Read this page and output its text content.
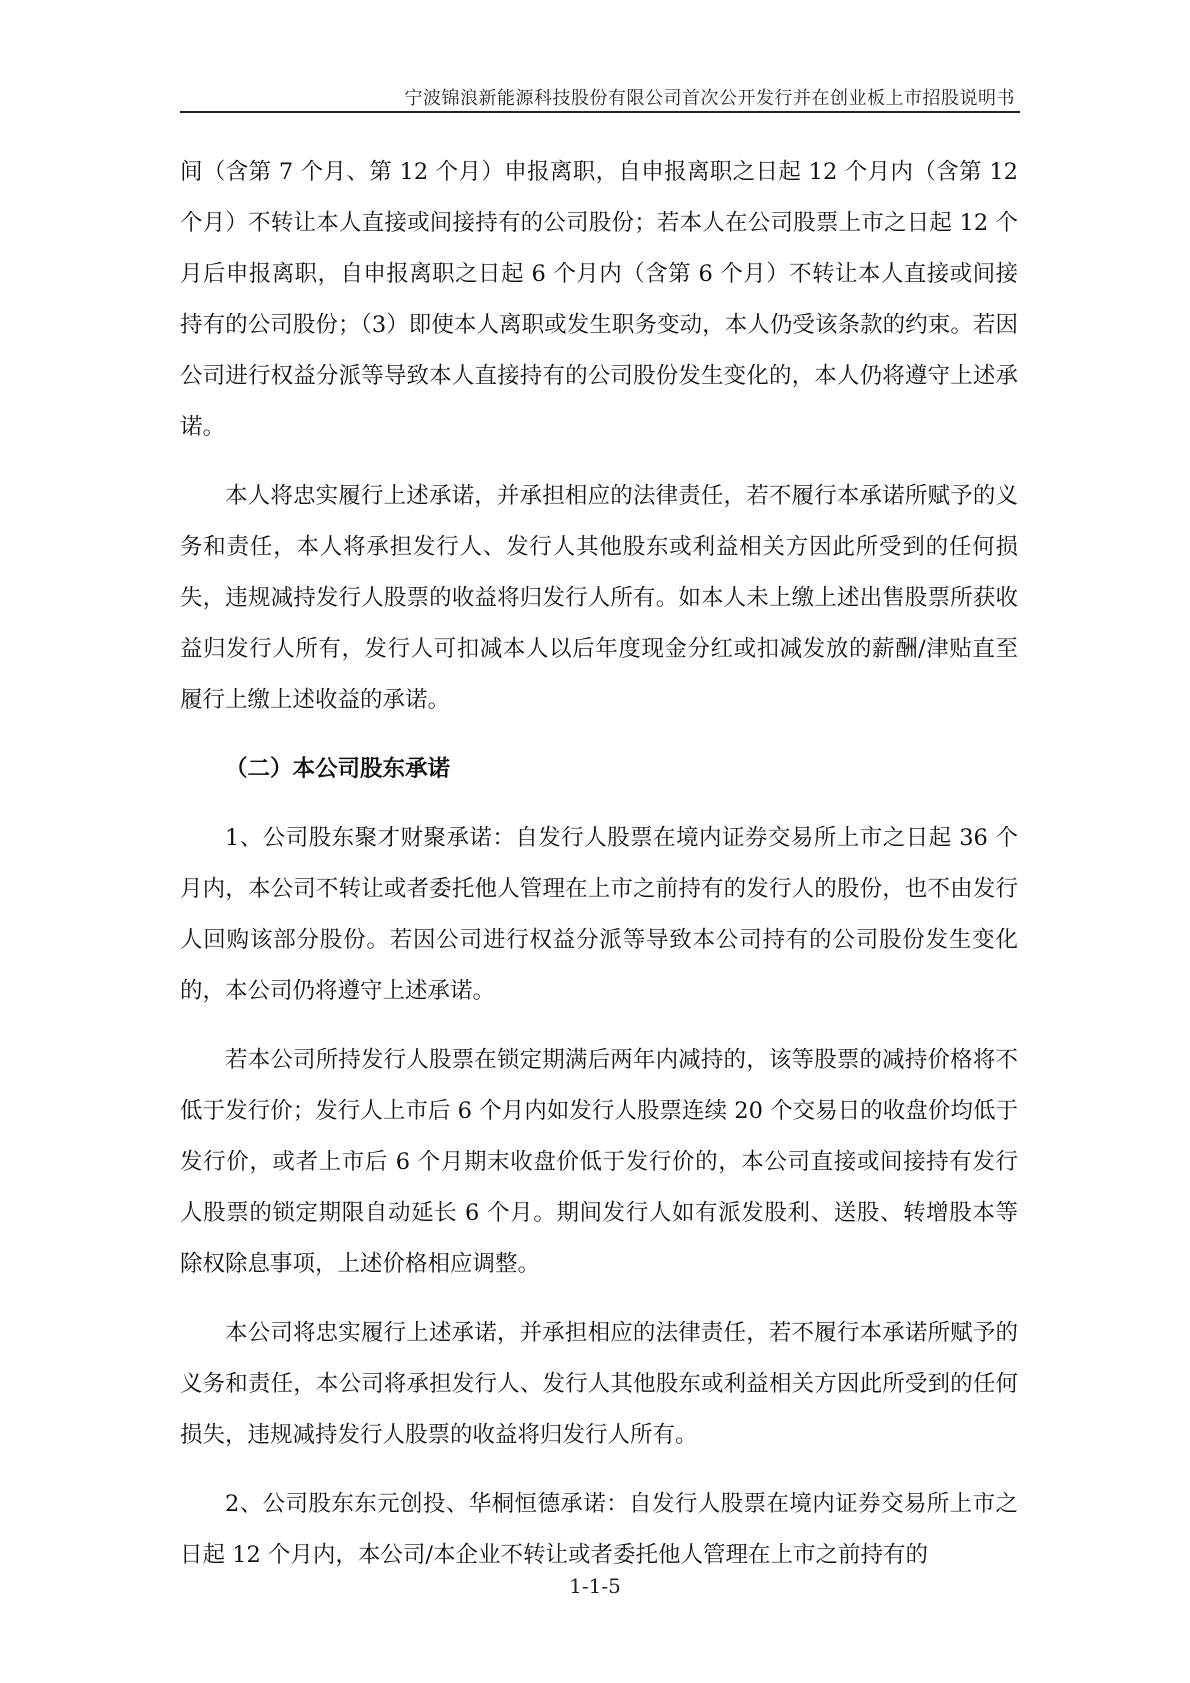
宁波锦浪新能源科技股份有限公司首次公开发行并在创业板上市招股说明书

间（含第 7 个月、第 12 个月）申报离职，自申报离职之日起 12 个月内（含第 12 个月）不转让本人直接或间接持有的公司股份；若本人在公司股票上市之日起 12 个月后申报离职，自申报离职之日起 6 个月内（含第 6 个月）不转让本人直接或间接持有的公司股份；（3）即使本人离职或发生职务变动，本人仍受该条款的约束。若因公司进行权益分派等导致本人直接持有的公司股份发生变化的，本人仍将遵守上述承诺。

本人将忠实履行上述承诺，并承担相应的法律责任，若不履行本承诺所赋予的义务和责任，本人将承担发行人、发行人其他股东或利益相关方因此所受到的任何损失，违规减持发行人股票的收益将归发行人所有。如本人未上缴上述出售股票所获收益归发行人所有，发行人可扣减本人以后年度现金分红或扣减发放的薪酬/津贴直至履行上缴上述收益的承诺。

（二）本公司股东承诺

1、公司股东聚才财聚承诺：自发行人股票在境内证券交易所上市之日起 36 个月内，本公司不转让或者委托他人管理在上市之前持有的发行人的股份，也不由发行人回购该部分股份。若因公司进行权益分派等导致本公司持有的公司股份发生变化的，本公司仍将遵守上述承诺。

若本公司所持发行人股票在锁定期满后两年内减持的，该等股票的减持价格将不低于发行价；发行人上市后 6 个月内如发行人股票连续 20 个交易日的收盘价均低于发行价，或者上市后 6 个月期末收盘价低于发行价的，本公司直接或间接持有发行人股票的锁定期限自动延长 6 个月。期间发行人如有派发股利、送股、转增股本等除权除息事项，上述价格相应调整。

本公司将忠实履行上述承诺，并承担相应的法律责任，若不履行本承诺所赋予的义务和责任，本公司将承担发行人、发行人其他股东或利益相关方因此所受到的任何损失，违规减持发行人股票的收益将归发行人所有。

2、公司股东东元创投、华桐恒德承诺：自发行人股票在境内证券交易所上市之日起 12 个月内，本公司/本企业不转让或者委托他人管理在上市之前持有的

1-1-5
